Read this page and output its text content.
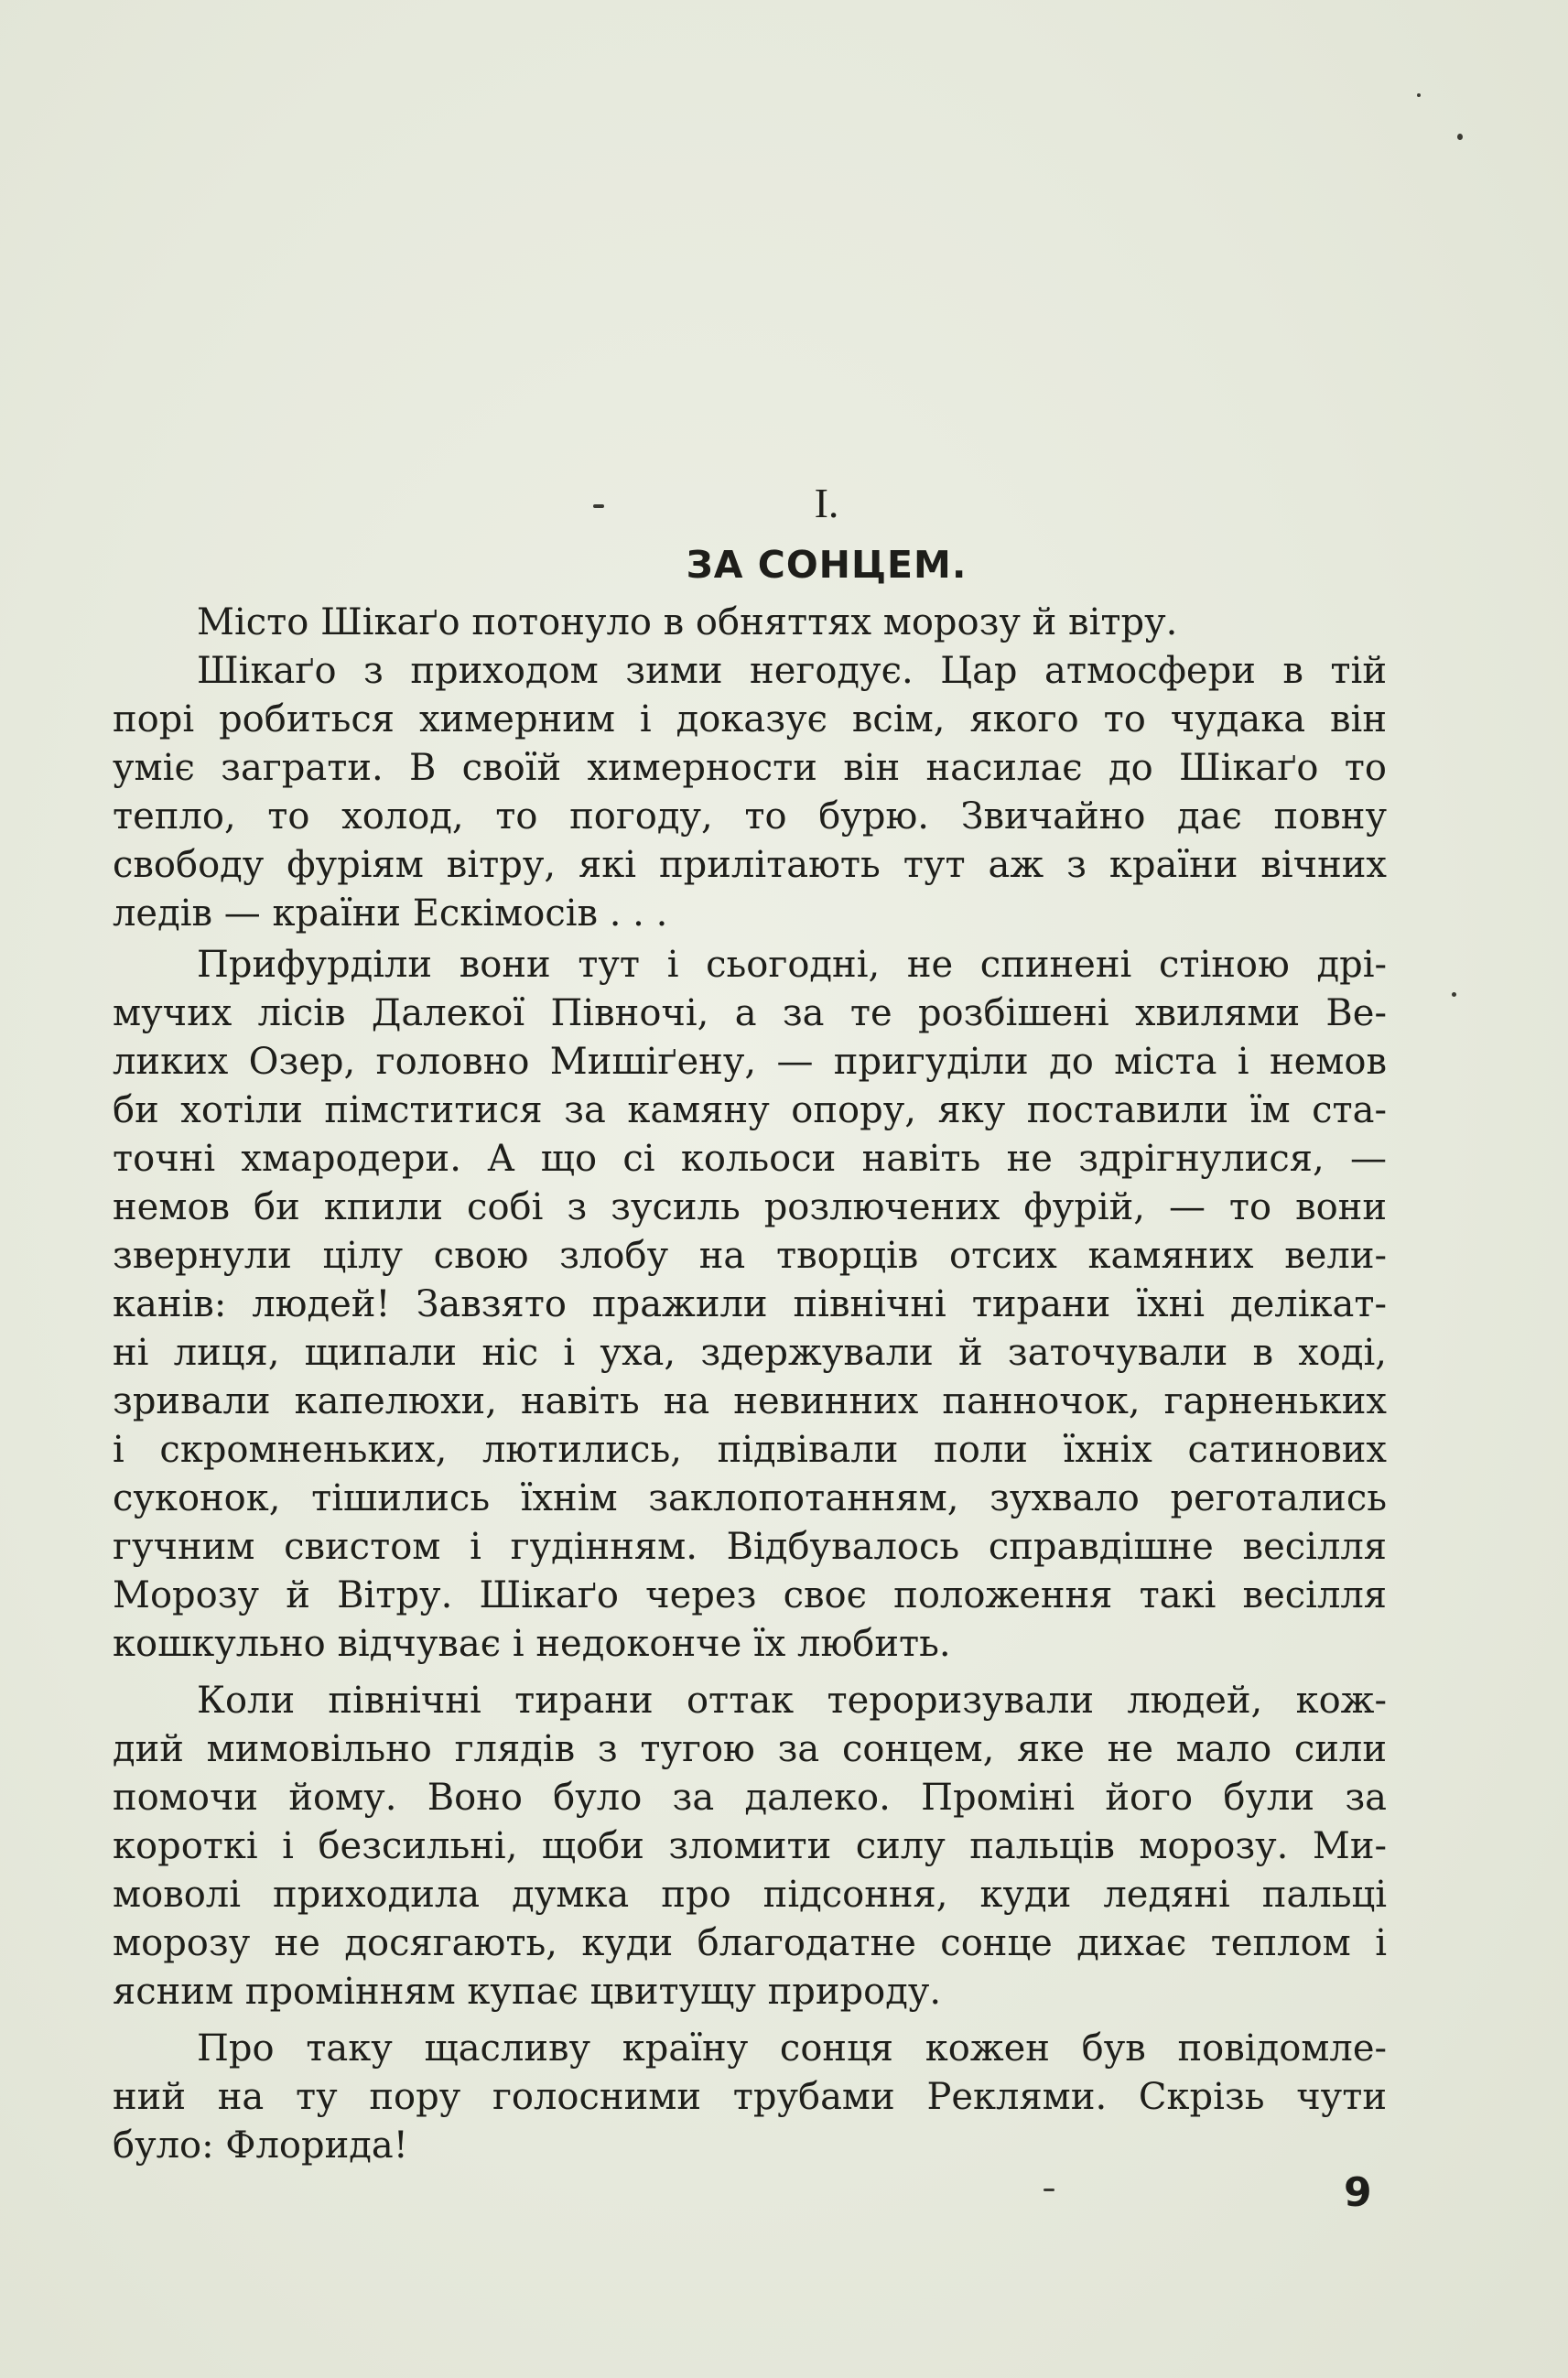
I.
ЗА СОНЦЕМ.
Місто Шікаґо потонуло в обняттях морозу й вітру.
Шікаґо з приходом зими негодує. Цар атмосфери в тій
порі робиться химерним і доказує всім, якого то чудака він
уміє заграти. В своїй химерности він насилає до Шікаґо то
тепло, то холод, то погоду, то бурю. Звичайно дає повну
свободу фуріям вітру, які прилітають тут аж з країни вічних
ледів — країни Ескімосів . . .
Прифурділи вони тут і сьогодні, не спинені стіною дрі-
мучих лісів Далекої Півночі, а за те розбішені хвилями Ве-
ликих Озер, головно Мишіґену, — пригуділи до міста і немов
би хотіли пімститися за камяну опору, яку поставили їм ста-
точні хмародери. А що сі кольоси навіть не здрігнулися, —
немов би кпили собі з зусиль розлючених фурій, — то вони
звернули цілу свою злобу на творців отсих камяних вели-
канів: людей! Завзято пражили північні тирани їхні делікат-
ні лиця, щипали ніс і уха, здержували й заточували в ході,
зривали капелюхи, навіть на невинних панночок, гарненьких
і скромненьких, лютились, підвівали поли їхніх сатинових
суконок, тішились їхнім заклопотанням, зухвало реготались
гучним свистом і гудінням. Відбувалось справдішне весілля
Морозу й Вітру. Шікаґо через своє положення такі весілля
кошкульно відчуває і недоконче їх любить.
Коли північні тирани оттак тероризували людей, кож-
дий мимовільно глядів з тугою за сонцем, яке не мало сили
помочи йому. Воно було за далеко. Проміні його були за
короткі і безсильні, щоби зломити силу пальців морозу. Ми-
моволі приходила думка про підсоння, куди ледяні пальці
морозу не досягають, куди благодатне сонце дихає теплом і
ясним промінням купає цвитущу природу.
Про таку щасливу країну сонця кожен був повідомле-
ний на ту пору голосними трубами Реклями. Скрізь чути
було: Флорида!
9
